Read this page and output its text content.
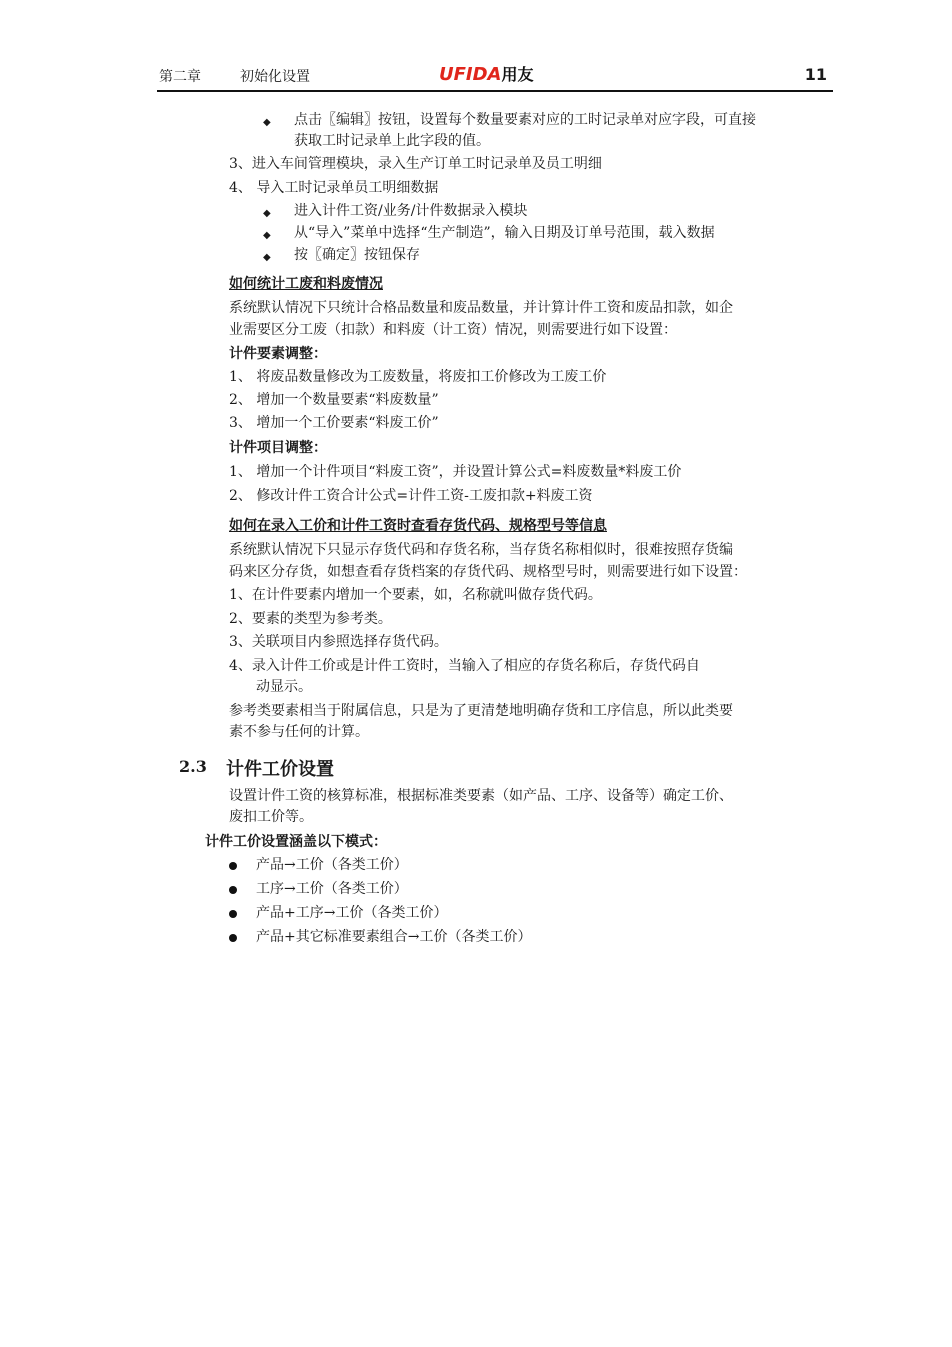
第二章	初始化设置	UFIDA用友	11
◆ 点击〖编辑〗按钮，设置每个数量要素对应的工时记录单对应字段，可直接
获取工时记录单上此字段的值。
3、进入车间管理模块，录入生产订单工时记录单及员工明细
4、 导入工时记录单员工明细数据
◆ 进入计件工资/业务/计件数据录入模块
◆ 从“导入”菜单中选择“生产制造”，输入日期及订单号范围，载入数据
◆ 按〖确定〗按钮保存
如何统计工废和料废情况
系统默认情况下只统计合格品数量和废品数量，并计算计件工资和废品扣款，如企
业需要区分工废（扣款）和料废（计工资）情况，则需要进行如下设置：
计件要素调整：
1、 将废品数量修改为工废数量，将废扣工价修改为工废工价
2、 增加一个数量要素“料废数量”
3、 增加一个工价要素“料废工价”
计件项目调整：
1、 增加一个计件项目“料废工资”，并设置计算公式=料废数量*料废工价
2、 修改计件工资合计公式=计件工资-工废扣款+料废工资
如何在录入工价和计件工资时查看存货代码、规格型号等信息
系统默认情况下只显示存货代码和存货名称，当存货名称相似时，很难按照存货编
码来区分存货，如想查看存货档案的存货代码、规格型号时，则需要进行如下设置：
1、在计件要素内增加一个要素，如，名称就叫做存货代码。
2、要素的类型为参考类。
3、关联项目内参照选择存货代码。
4、录入计件工价或是计件工资时，当输入了相应的存货名称后，存货代码自
动显示。
参考类要素相当于附属信息，只是为了更清楚地明确存货和工序信息，所以此类要
素不参与任何的计算。
2.3 计件工价设置
设置计件工资的核算标准，根据标准类要素（如产品、工序、设备等）确定工价、
废扣工价等。
计件工价设置涵盖以下模式：
产品→工价（各类工价）
工序→工价（各类工价）
产品+工序→工价（各类工价）
产品+其它标准要素组合→工价（各类工价）
